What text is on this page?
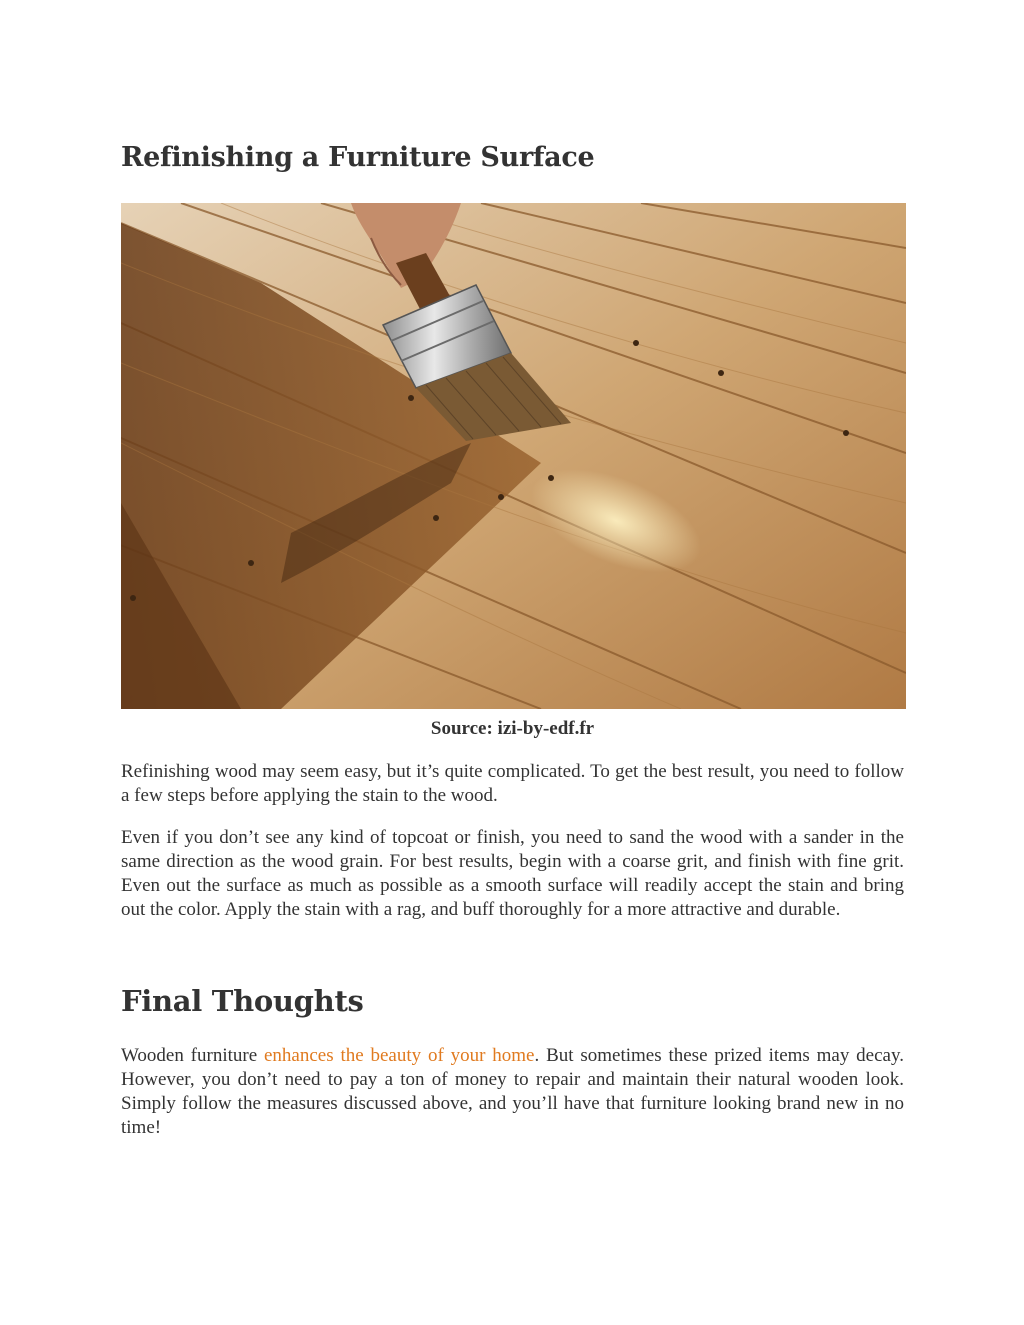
Refinishing a Furniture Surface
Source: izi-by-edf.fr

Refinishing wood may seem easy, but it’s quite complicated. To get the best result, you need to follow a few steps before applying the stain to the wood.

Even if you don’t see any kind of topcoat or finish, you need to sand the wood with a sander in the same direction as the wood grain. For best results, begin with a coarse grit, and finish with fine grit. Even out the surface as much as possible as a smooth surface will readily accept the stain and bring out the color. Apply the stain with a rag, and buff thoroughly for a more attractive and durable.

Final Thoughts

Wooden furniture enhances the beauty of your home. But sometimes these prized items may decay. However, you don’t need to pay a ton of money to repair and maintain their natural wooden look. Simply follow the measures discussed above, and you’ll have that furniture looking brand new in no time!
